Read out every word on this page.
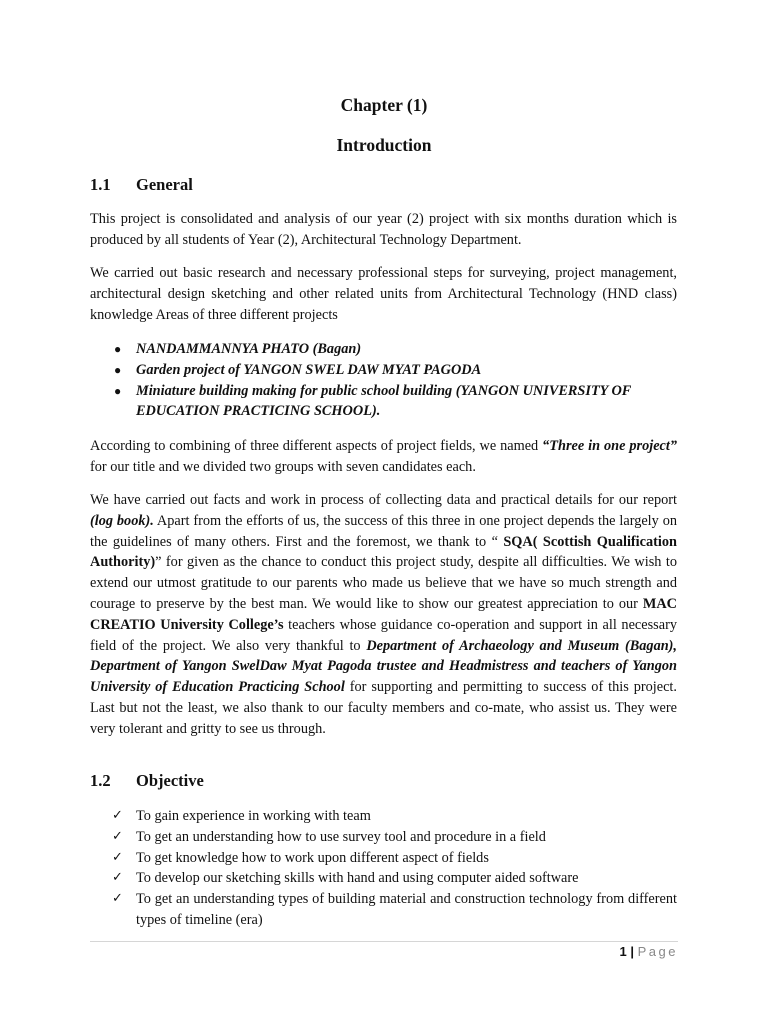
Chapter (1)
Introduction
1.1 General

This project is consolidated and analysis of our year (2) project with six months duration which is produced by all students of Year (2), Architectural Technology Department.

We carried out basic research and necessary professional steps for surveying, project management, architectural design sketching and other related units from Architectural Technology (HND class) knowledge Areas of three different projects

● NANDAMMANNYA PHATO (Bagan)
● Garden project of YANGON SWEL DAW MYAT PAGODA
● Miniature building making for public school building (YANGON UNIVERSITY OF EDUCATION PRACTICING SCHOOL).

According to combining of three different aspects of project fields, we named “Three in one project” for our title and we divided two groups with seven candidates each.

We have carried out facts and work in process of collecting data and practical details for our report (log book). Apart from the efforts of us, the success of this three in one project depends the largely on the guidelines of many others. First and the foremost, we thank to “ SQA( Scottish Qualification Authority)” for given as the chance to conduct this project study, despite all difficulties. We wish to extend our utmost gratitude to our parents who made us believe that we have so much strength and courage to preserve by the best man. We would like to show our greatest appreciation to our MAC CREATIO University College’s teachers whose guidance co-operation and support in all necessary field of the project. We also very thankful to Department of Archaeology and Museum (Bagan), Department of Yangon SwelDaw Myat Pagoda trustee and Headmistress and teachers of Yangon University of Education Practicing School for supporting and permitting to success of this project. Last but not the least, we also thank to our faculty members and co-mate, who assist us. They were very tolerant and gritty to see us through.

1.2 Objective
✓ To gain experience in working with team
✓ To get an understanding how to use survey tool and procedure in a field
✓ To get knowledge how to work upon different aspect of fields
✓ To develop our sketching skills with hand and using computer aided software
✓ To get an understanding types of building material and construction technology from different types of timeline (era)
1 | Page
